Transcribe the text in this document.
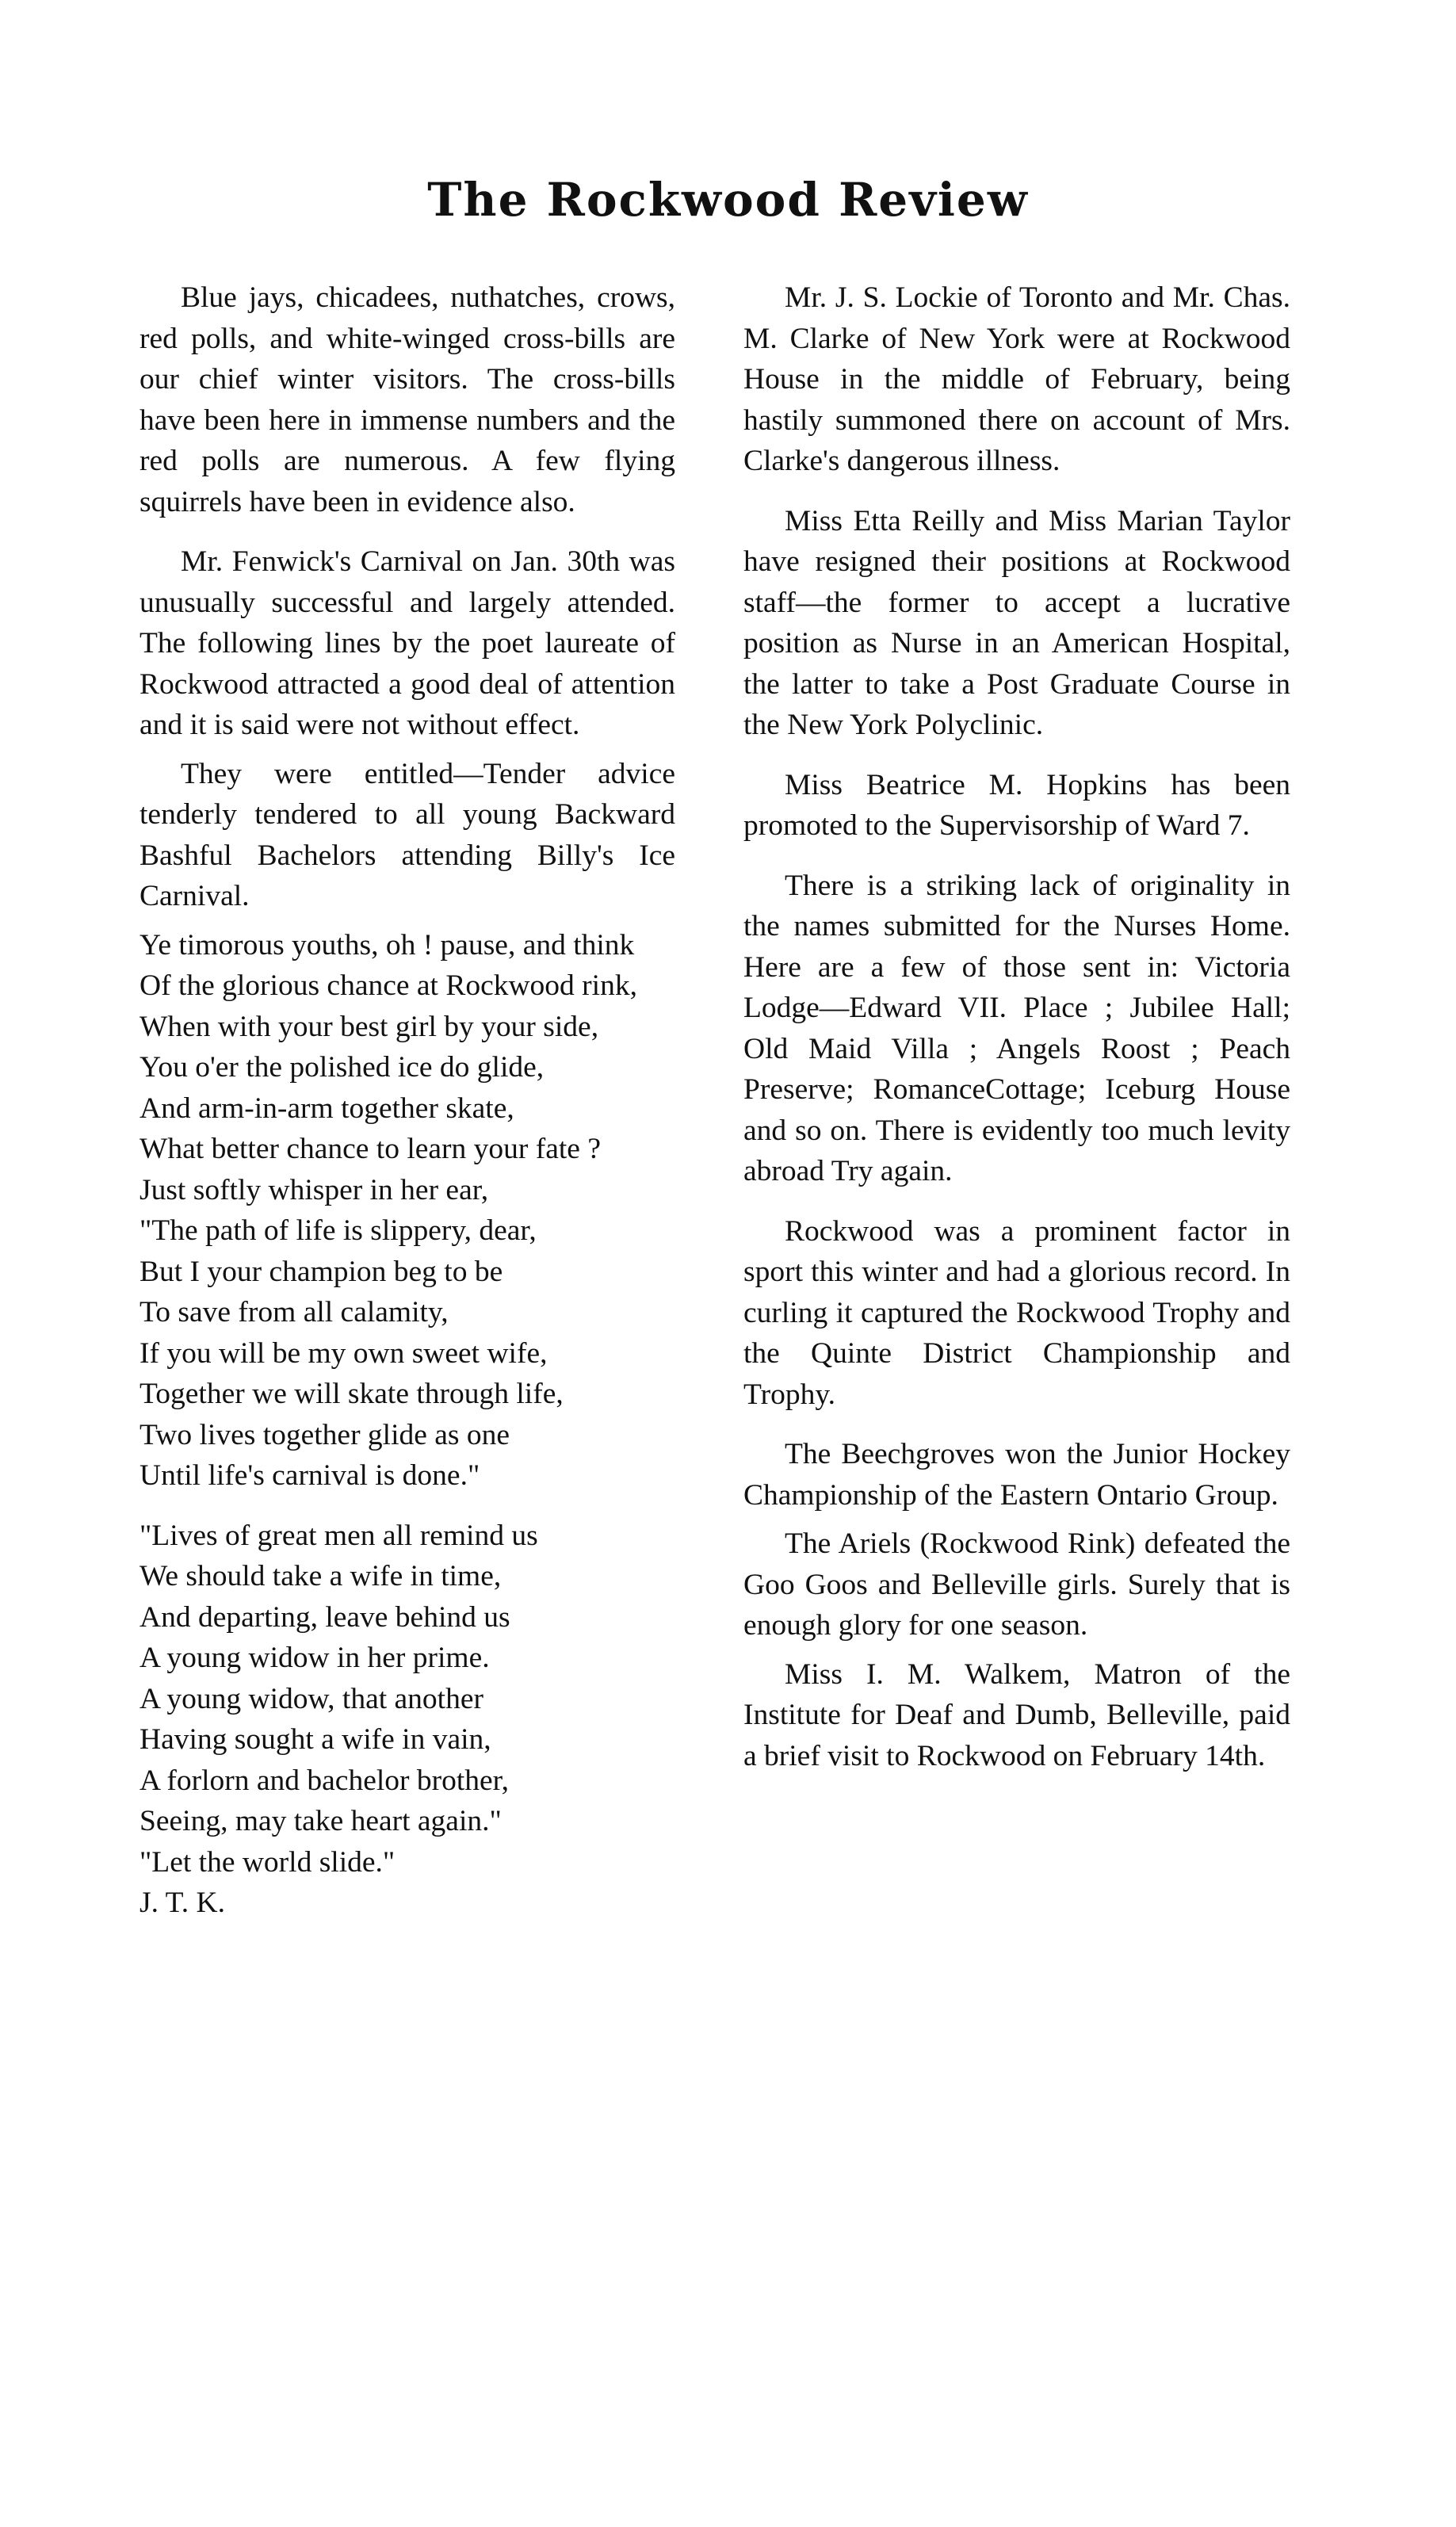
The Rockwood Review

Blue jays, chicadees, nuthatches, crows, red polls, and white-winged cross-bills are our chief winter visitors. The cross-bills have been here in immense numbers and the red polls are numerous. A few flying squirrels have been in evidence also.

Mr. Fenwick's Carnival on Jan. 30th was unusually successful and largely attended. The following lines by the poet laureate of Rockwood attracted a good deal of attention and it is said were not without effect.

They were entitled—Tender advice tenderly tendered to all young Backward Bashful Bachelors attending Billy's Ice Carnival.

Ye timorous youths, oh ! pause, and think

Of the glorious chance at Rockwood rink,

When with your best girl by your side,

You o'er the polished ice do glide,

And arm-in-arm together skate,

What better chance to learn your fate ?

Just softly whisper in her ear,

"The path of life is slippery, dear,

But I your champion beg to be

To save from all calamity,

If you will be my own sweet wife,

Together we will skate through life,

Two lives together glide as one

Until life's carnival is done."

"Lives of great men all remind us

We should take a wife in time,

And departing, leave behind us

A young widow in her prime.

A young widow, that another

Having sought a wife in vain,

A forlorn and bachelor brother,

Seeing, may take heart again."

"Let the world slide."

J. T. K.

Mr. J. S. Lockie of Toronto and Mr. Chas. M. Clarke of New York were at Rockwood House in the middle of February, being hastily summoned there on account of Mrs. Clarke's dangerous illness.

Miss Etta Reilly and Miss Marian Taylor have resigned their positions at Rockwood staff—the former to accept a lucrative position as Nurse in an American Hospital, the latter to take a Post Graduate Course in the New York Polyclinic.

Miss Beatrice M. Hopkins has been promoted to the Supervisorship of Ward 7.

There is a striking lack of originality in the names submitted for the Nurses Home. Here are a few of those sent in: Victoria Lodge—Edward VII. Place ; Jubilee Hall; Old Maid Villa ; Angels Roost ; Peach Preserve; RomanceCottage; Iceburg House and so on. There is evidently too much levity abroad Try again.

Rockwood was a prominent factor in sport this winter and had a glorious record. In curling it captured the Rockwood Trophy and the Quinte District Championship and Trophy.

The Beechgroves won the Junior Hockey Championship of the Eastern Ontario Group.

The Ariels (Rockwood Rink) defeated the Goo Goos and Belleville girls. Surely that is enough glory for one season.

Miss I. M. Walkem, Matron of the Institute for Deaf and Dumb, Belleville, paid a brief visit to Rockwood on February 14th.
